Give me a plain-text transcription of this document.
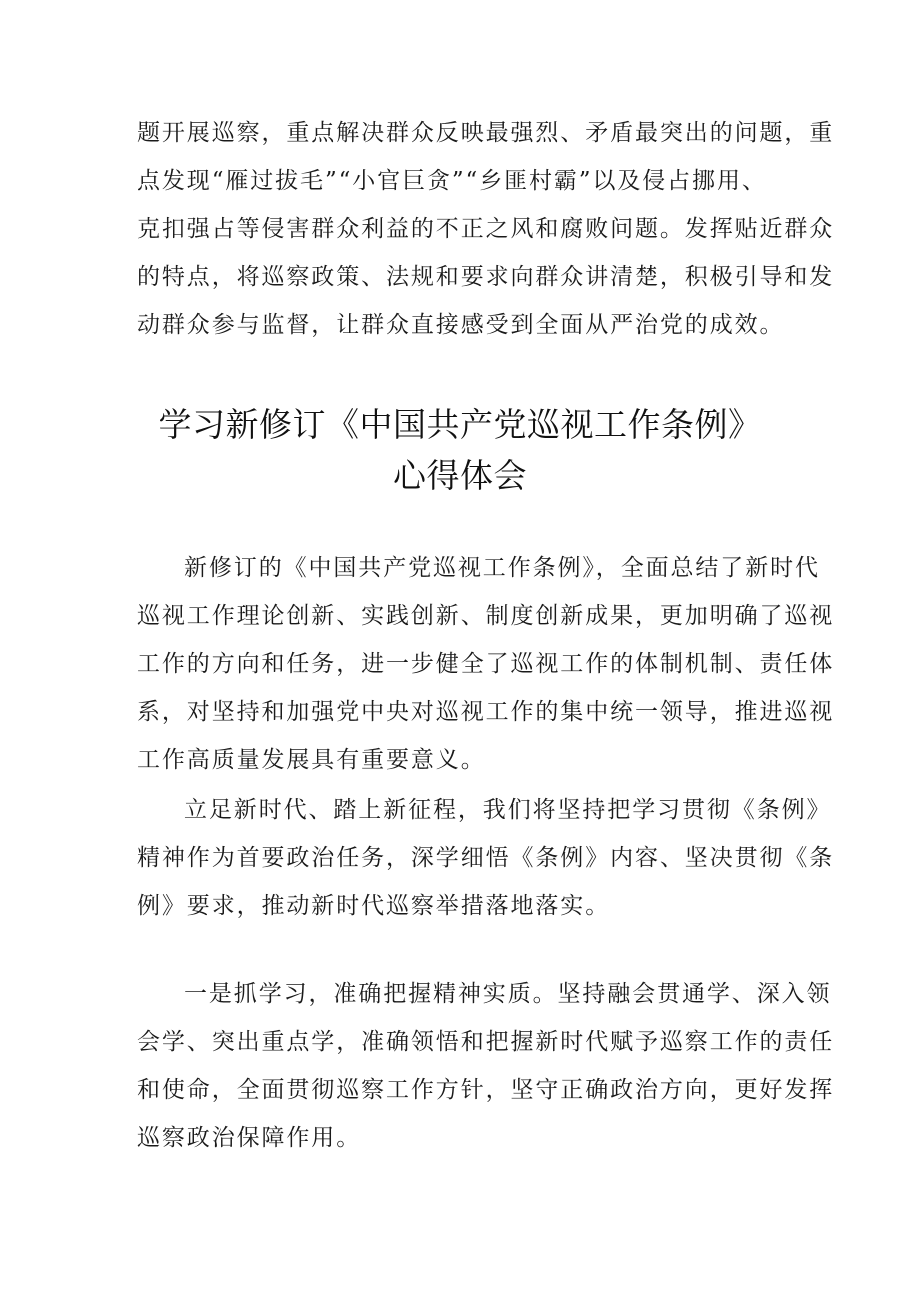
题开展巡察，重点解决群众反映最强烈、矛盾最突出的问题，重
点发现“雁过拔毛”“小官巨贪”“乡匪村霸”以及侵占挪用、
克扣强占等侵害群众利益的不正之风和腐败问题。发挥贴近群众
的特点，将巡察政策、法规和要求向群众讲清楚，积极引导和发
动群众参与监督，让群众直接感受到全面从严治党的成效。
学习新修订《中国共产党巡视工作条例》
心得体会
新修订的《中国共产党巡视工作条例》，全面总结了新时代
巡视工作理论创新、实践创新、制度创新成果，更加明确了巡视
工作的方向和任务，进一步健全了巡视工作的体制机制、责任体
系，对坚持和加强党中央对巡视工作的集中统一领导，推进巡视
工作高质量发展具有重要意义。
立足新时代、踏上新征程，我们将坚持把学习贯彻《条例》
精神作为首要政治任务，深学细悟《条例》内容、坚决贯彻《条
例》要求，推动新时代巡察举措落地落实。
一是抓学习，准确把握精神实质。坚持融会贯通学、深入领
会学、突出重点学，准确领悟和把握新时代赋予巡察工作的责任
和使命，全面贯彻巡察工作方针，坚守正确政治方向，更好发挥
巡察政治保障作用。
